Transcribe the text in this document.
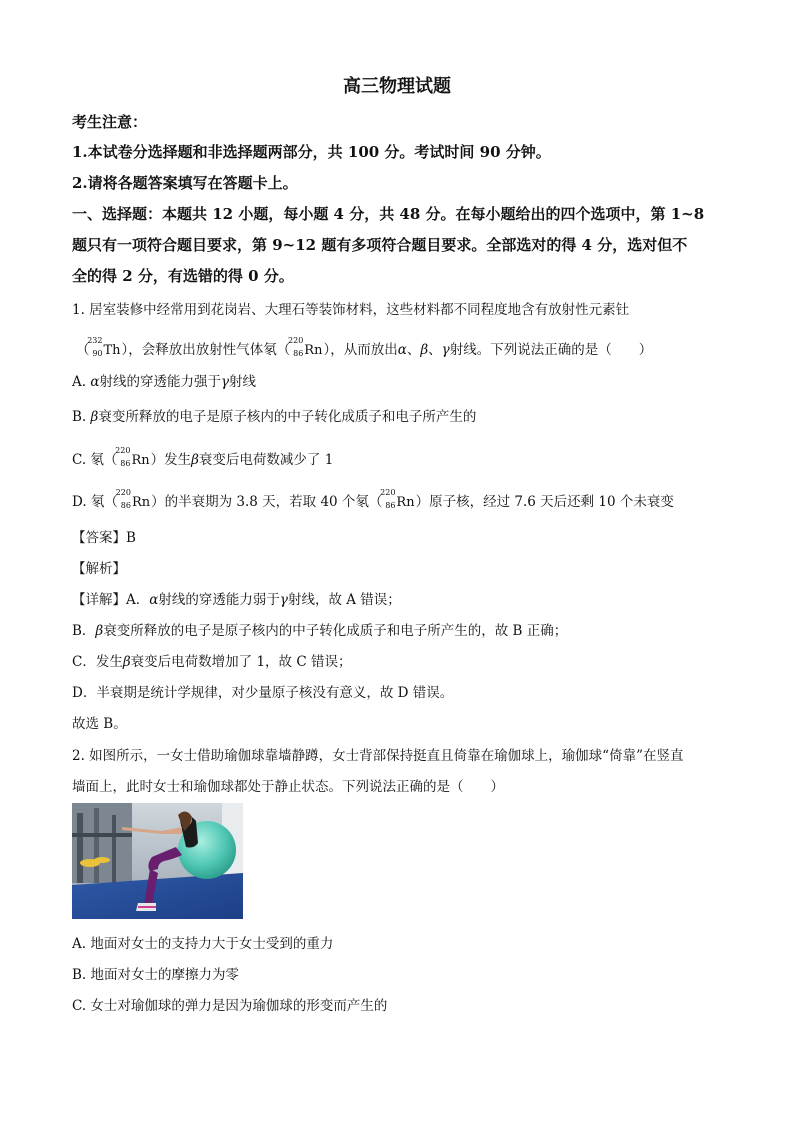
高三物理试题
考生注意：
1.本试卷分选择题和非选择题两部分，共 100 分。考试时间 90 分钟。
2.请将各题答案填写在答题卡上。
一、选择题：本题共 12 小题，每小题 4 分，共 48 分。在每小题给出的四个选项中，第 1~8
题只有一项符合题目要求，第 9~12 题有多项符合题目要求。全部选对的得 4 分，选对但不
全的得 2 分，有选错的得 0 分。
1. 居室装修中经常用到花岗岩、大理石等装饰材料，这些材料都不同程度地含有放射性元素钍
（
232
90 Th），会释放出放射性气体氡（
220
86 Rn），从而放出α、β、γ射线。下列说法正确的是（　　）
A. α射线的穿透能力强于γ射线
B. β衰变所释放的电子是原子核内的中子转化成质子和电子所产生的
C. 氡（
220
86 Rn）发生β衰变后电荷数减少了 1
D. 氡（
220
86 Rn）的半衰期为 3.8 天，若取 40 个氡（
220
86 Rn）原子核，经过 7.6 天后还剩 10 个未衰变
【答案】B
【解析】
【详解】A．α射线的穿透能力弱于γ射线，故 A 错误；
B．β衰变所释放的电子是原子核内的中子转化成质子和电子所产生的，故 B 正确；
C．发生β衰变后电荷数增加了 1，故 C 错误；
D．半衰期是统计学规律，对少量原子核没有意义，故 D 错误。
故选 B。
2. 如图所示，一女士借助瑜伽球靠墙静蹲，女士背部保持挺直且倚靠在瑜伽球上，瑜伽球“倚靠”在竖直
墙面上，此时女士和瑜伽球都处于静止状态。下列说法正确的是（　　）
A. 地面对女士的支持力大于女士受到的重力
B. 地面对女士的摩擦力为零
C. 女士对瑜伽球的弹力是因为瑜伽球的形变而产生的
